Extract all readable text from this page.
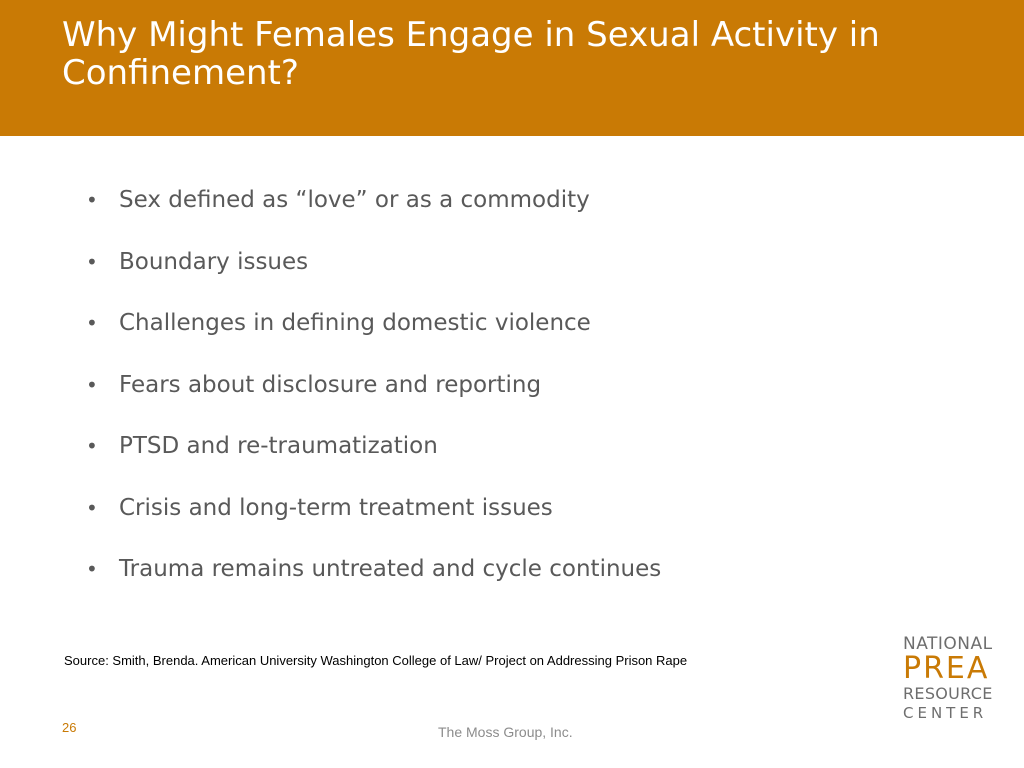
Why Might Females Engage in Sexual Activity in Confinement?
• Sex defined as “love” or as a commodity
• Boundary issues
• Challenges in defining domestic violence
• Fears about disclosure and reporting
• PTSD and re-traumatization
• Crisis and long-term treatment issues
• Trauma remains untreated and cycle continues
Source: Smith, Brenda. American University Washington College of Law/ Project on Addressing Prison Rape
26	The Moss Group, Inc.
NATIONAL
PREA
RESOURCE
CENTER
